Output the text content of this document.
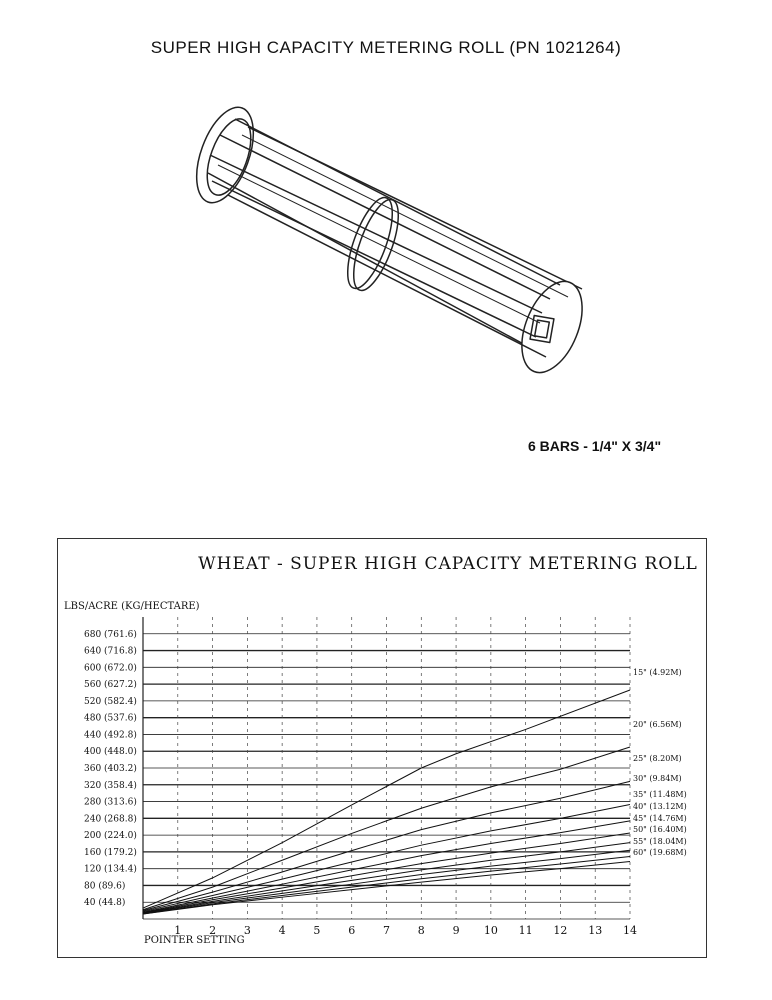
SUPER HIGH CAPACITY METERING ROLL (PN 1021264)
6 BARS - 1/4" X 3/4"
WHEAT - SUPER HIGH CAPACITY METERING ROLL
LBS/ACRE (KG/HECTARE)
POINTER SETTING
40 (44.8)
80 (89.6)
120 (134.4)
160 (179.2)
200 (224.0)
240 (268.8)
280 (313.6)
320 (358.4)
360 (403.2)
400 (448.0)
440 (492.8)
480 (537.6)
520 (582.4)
560 (627.2)
600 (672.0)
640 (716.8)
680 (761.6)
1	2	3	4	5	6	7	8	9 10 11 12 13 14
15" (4.92M)
20" (6.56M)
25" (8.20M)
30" (9.84M)
35" (11.48M)
40" (13.12M)
45" (14.76M)
50" (16.40M)
55" (18.04M)
60" (19.68M)
